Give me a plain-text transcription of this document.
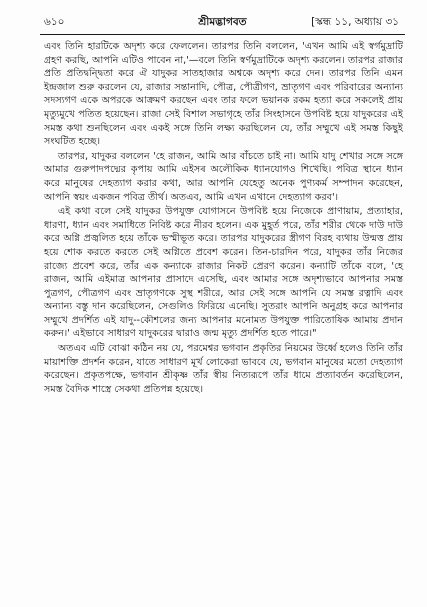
৬১০	শ্রীমদ্ভাগবত	[স্কন্ধ ১১, অধ্যায় ৩১

এবং তিনি হারটিকে অদৃশ্য করে ফেললেন। তারপর তিনি বললেন, 'এখন আমি এই স্বর্গমুদ্রাটি গ্রহণ করছি, আপনি এটিও পাবেন না,'—বলে তিনি স্বর্ণমুদ্রাটিকে অদৃশ্য করলেন। তারপর রাজার প্রতি প্রতিদ্বন্দ্বিতা করে ঐ যাদুকর সাতহাজার অশ্বকে অদৃশ্য করে দেন। তারপর তিনি এমন ইন্দ্রজাল শুরু করলেন যে, রাজার সন্তানাদি, পৌত্র, পৌত্রীগণ, ভ্রাতৃগণ এবং পরিবারের অন্যান্য সদস্যগণ একে অপরকে আক্রমণ করছেন এবং তার ফলে ভয়ানক রকম হত্যা করে সকলেই প্রায় মৃত্যুমুখে পতিত হয়েছেন। রাজা সেই বিশাল সভাগৃহে তাঁর সিংহাসনে উপবিষ্ট হয়ে যাদুকরের এই সমস্ত কথা শুনছিলেন এবং একই সঙ্গে তিনি লক্ষ্য করছিলেন যে, তাঁর সম্মুখে এই সমস্ত কিছুই সংঘটিত হচ্ছে।

তারপর, যাদুকর বললেন 'হে রাজন, আমি আর বাঁচতে চাই না। আমি যাদু শেখার সঙ্গে সঙ্গে আমার গুরুপাদপদ্মের কৃপায় আমি এইসৰ অলৌকিক ধ্যানযোগও শিখেছি। পবিত্র স্থানে ধ্যান করে মানুষের দেহত্যাগ করার কথা, আর আপনি যেহেতু অনেক পুণ্যকর্ম সম্পাদন করেছেন, আপনি স্বয়ং একজন পবিত্র তীর্থ। অতএব, আমি এখন এখানে দেহত্যাগ করব'।

এই কথা বলে সেই যাদুকর উপযুক্ত যোগাসনে উপবিষ্ট হয়ে নিজেকে প্রাণায়াম, প্রত্যাহার, ধারণা, ধ্যান এবং সমাধিতে নিবিষ্ট করে নীরব হলেন। এক মুহূর্ত পরে, তাঁর শরীর থেকে দাউ দাউ করে অগ্নি প্রজ্বলিত হয়ে তাঁকে ভস্মীভূত করে। তারপর যাদুকরের স্ত্রীগণ বিরহ ব্যথায় উন্মত্ত প্রায় হয়ে শোক করতে করতে সেই অগ্নিতে প্রবেশ করেন। তিন-চারদিন পরে, যাদুকর তাঁর নিজের রাজ্যে প্রবেশ করে, তাঁর এক কন্যাকে রাজার নিকট প্রেরণ করেন। কন্যাটি তাঁকে বলে, 'হে রাজন, আমি এইমাত্র আপনার প্রাসাদে এসেছি, এবং আমার সঙ্গে অদৃশ্যভাবে আপনার সমস্ত পুত্রগণ, পৌত্রগণ এবং ভ্রাতৃগণকে সুস্থ শরীরে, আর সেই সঙ্গে আপনি যে সমস্ত রত্নাদি এবং অন্যান্য বস্তু দান করেছিলেন, সেগুলিও ফিরিয়ে এনেছি। সুতরাং আপনি অনুগ্রহ করে আপনার সম্মুখে প্রদর্শিত এই যাদু--কৌশলের জন্য আপনার মনোমত উপযুক্ত পারিতোষিক আমায় প্রদান করুন।' এইভাবে সাধারণ যাদুকরের দ্বারাও জন্ম মৃত্যু প্রদর্শিত হতে পারে।"

অতএব এটি বোঝা কঠিন নয় যে, পরমেশ্বর ভগবান প্রকৃতির নিয়মের উর্ধ্বে হলেও তিনি তাঁর মায়াশক্তি প্রদর্শন করেন, যাতে সাধারণ মূর্খ লোকেরা ভাববে যে, ভগবান মানুষের মতো দেহত্যাগ করেছেন। প্রকৃতপক্ষে, ভগবান শ্রীকৃষ্ণ তাঁর স্বীয় নিত্যরূপে তাঁর ধামে প্রত্যাবর্তন করেছিলেন, সমস্ত বৈদিক শাস্ত্রে সেকথা প্রতিপন্ন হয়েছে।
